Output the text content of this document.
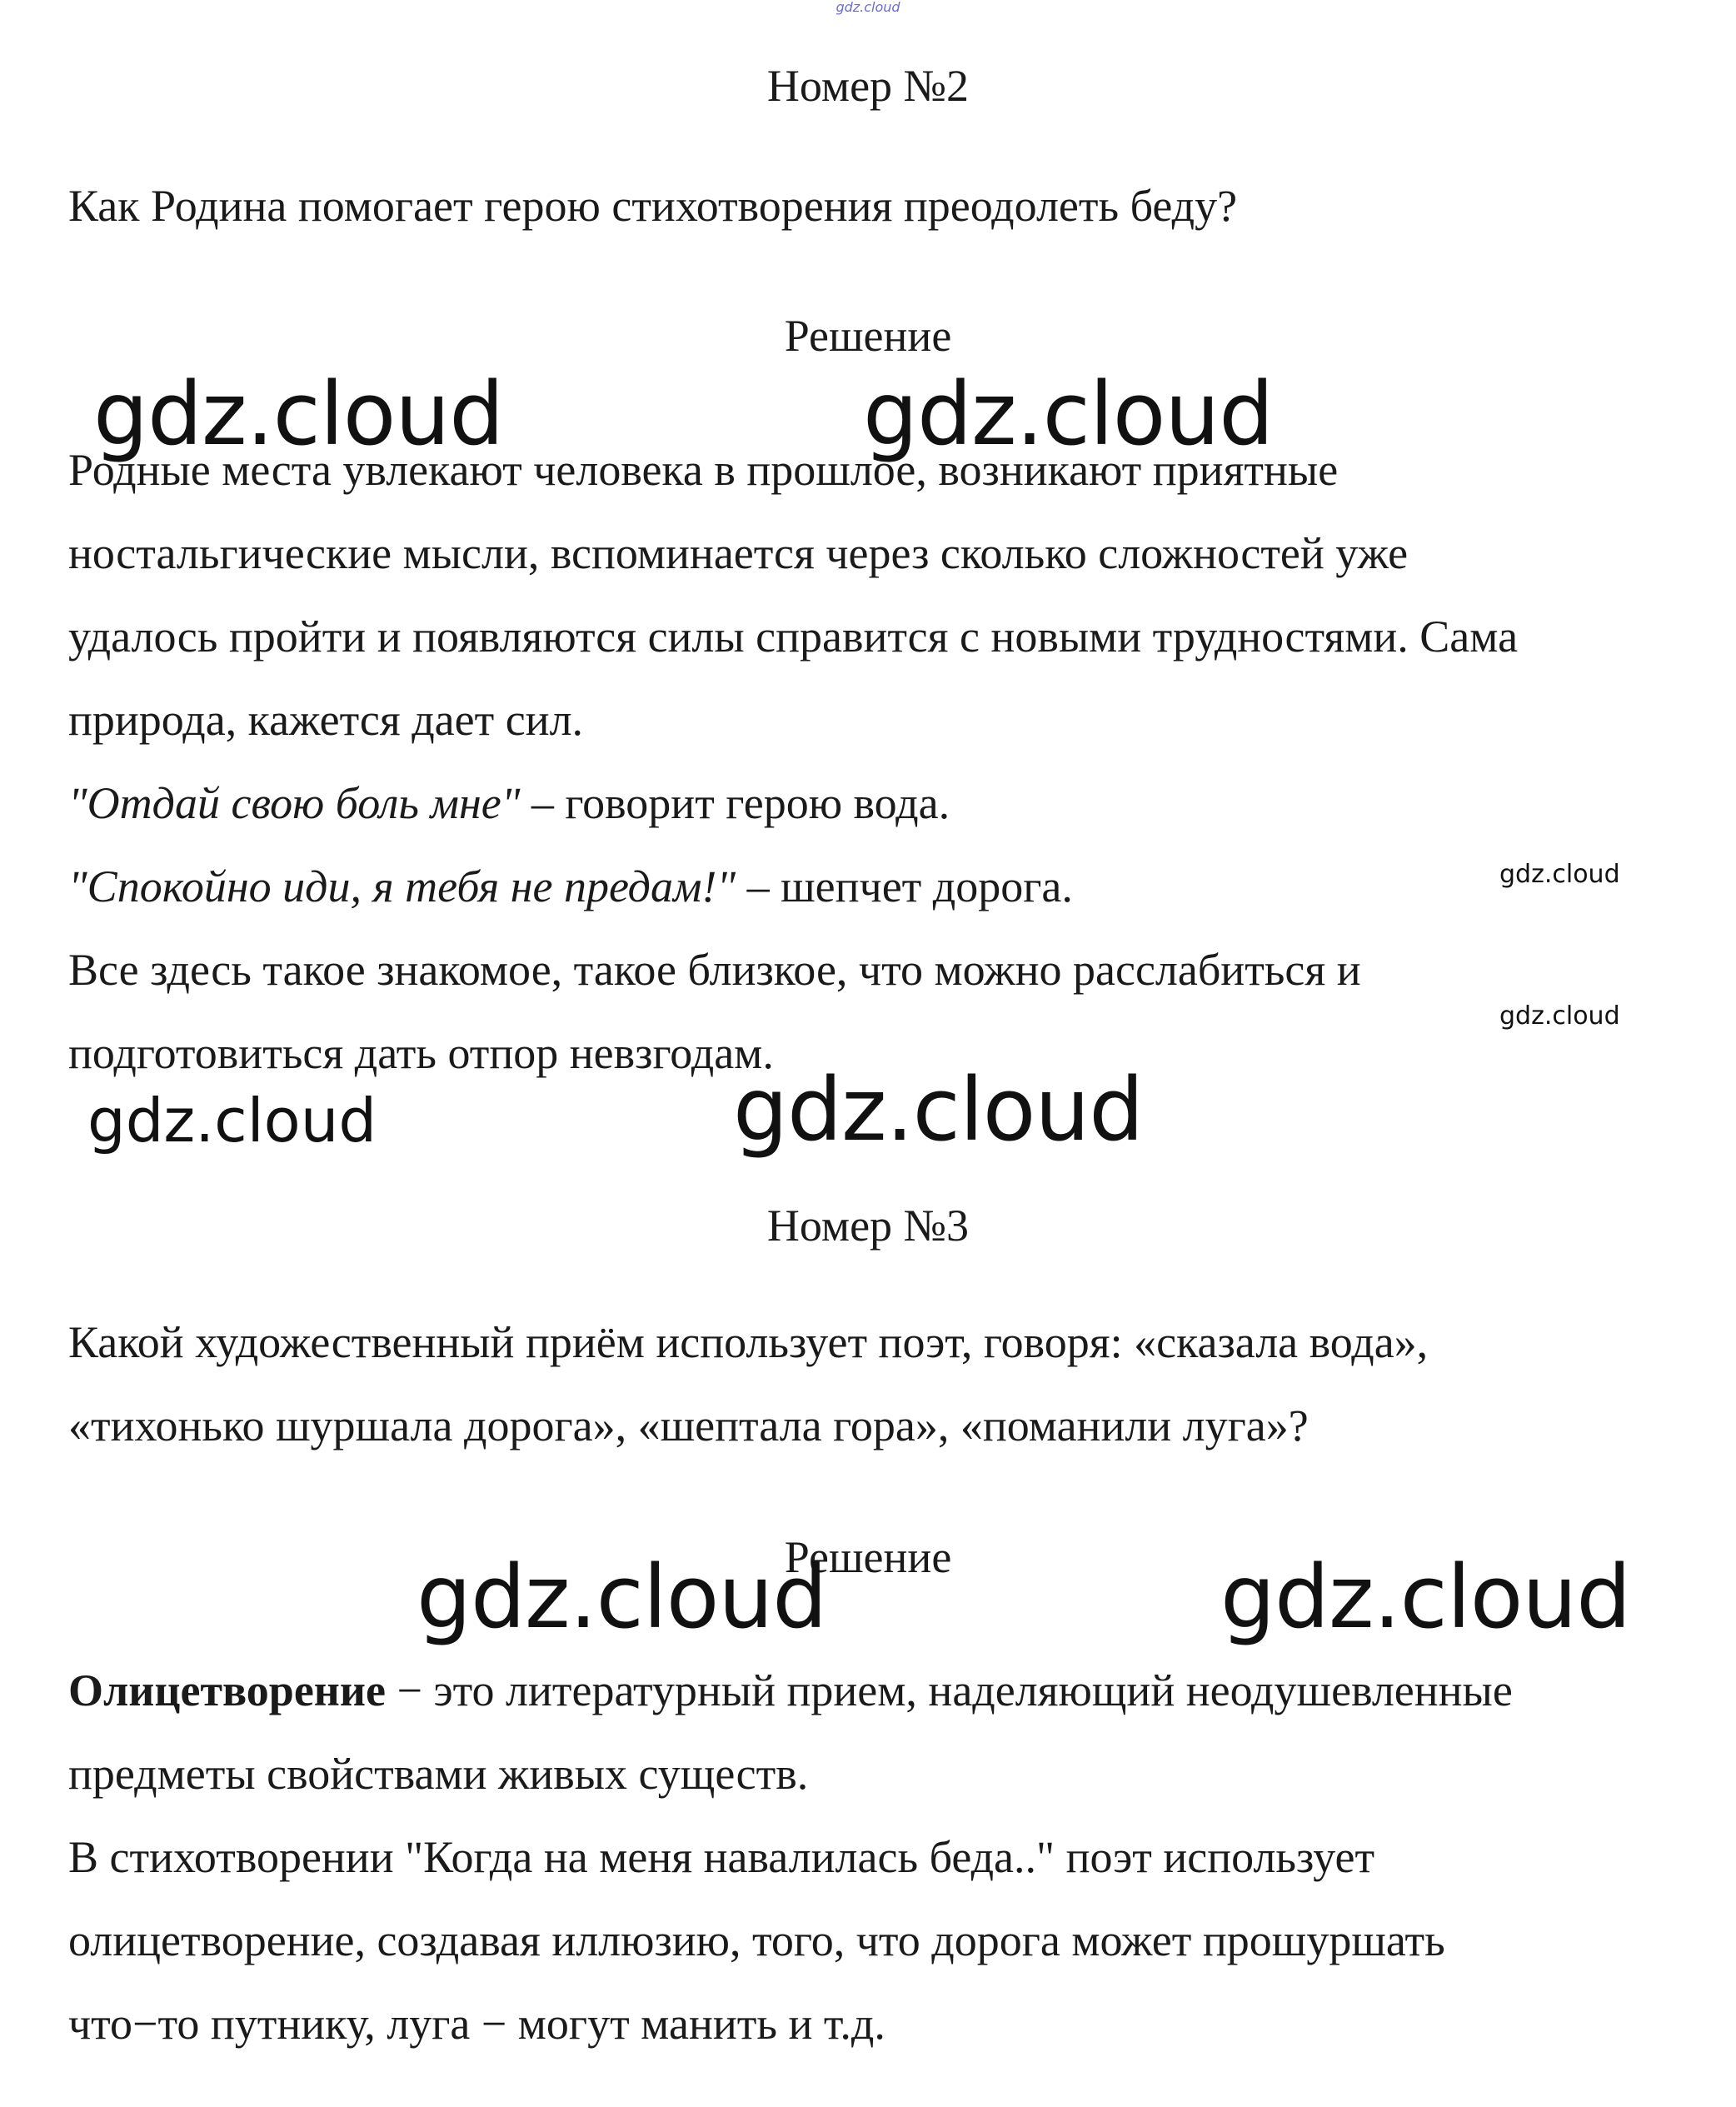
gdz.cloud
Номер №2
Как Родина помогает герою стихотворения преодолеть беду?
Решение
Родные места увлекают человека в прошлое, возникают приятные
ностальгические мысли, вспоминается через сколько сложностей уже
удалось пройти и появляются силы справится с новыми трудностями. Сама
природа, кажется дает сил.
"Отдай свою боль мне" – говорит герою вода.
"Спокойно иди, я тебя не предам!" – шепчет дорога.
Все здесь такое знакомое, такое близкое, что можно расслабиться и
подготовиться дать отпор невзгодам.
Номер №3
Какой художественный приём использует поэт, говоря: «сказала вода»,
«тихонько шуршала дорога», «шептала гора», «поманили луга»?
Решение
Олицетворение − это литературный прием, наделяющий неодушевленные
предметы свойствами живых существ.
В стихотворении "Когда на меня навалилась беда.." поэт использует
олицетворение, создавая иллюзию, того, что дорога может прошуршать
что−то путнику, луга − могут манить и т.д.
gdz.cloud	gdz.cloud
gdz.cloud
gdz.cloud
gdz.cloud	gdz.cloud
gdz.cloud	gdz.cloud
